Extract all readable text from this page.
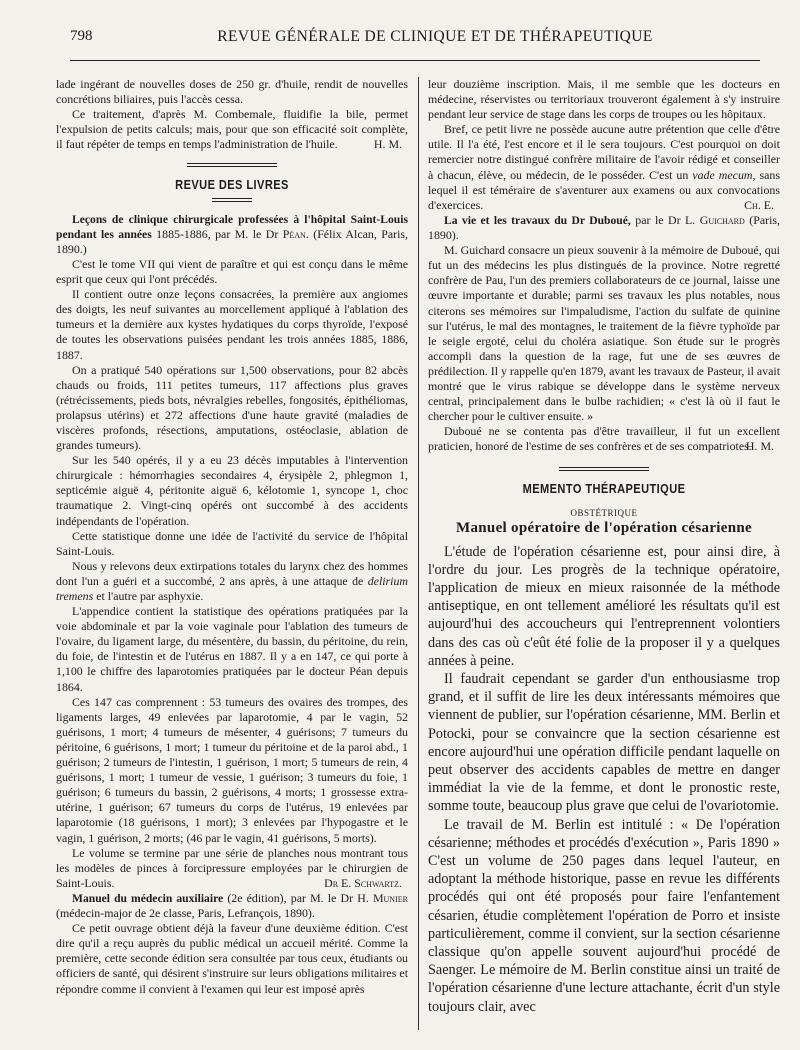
798	REVUE GÉNÉRALE DE CLINIQUE ET DE THÉRAPEUTIQUE

lade ingérant de nouvelles doses de 250 gr. d'huile, rendit de nouvelles concrétions biliaires, puis l'accès cessa.

Ce traitement, d'après M. Combemale, fluidifie la bile, permet l'expulsion de petits calculs; mais, pour que son efficacité soit complète, il faut répéter de temps en temps l'administration de l'huile.	H. M.

REVUE DES LIVRES

Leçons de clinique chirurgicale professées à l'hôpital Saint-Louis pendant les années 1885-1886, par M. le Dr Péan. (Félix Alcan, Paris, 1890.)

C'est le tome VII qui vient de paraître et qui est conçu dans le même esprit que ceux qui l'ont précédés.

Il contient outre onze leçons consacrées, la première aux angiomes des doigts, les neuf suivantes au morcellement appliqué à l'ablation des tumeurs et la dernière aux kystes hydatiques du corps thyroïde, l'exposé de toutes les observations puisées pendant les trois années 1885, 1886, 1887.

On a pratiqué 540 opérations sur 1,500 observations, pour 82 abcès chauds ou froids, 111 petites tumeurs, 117 affections plus graves (rétrécissements, pieds bots, névralgies rebelles, fongosités, épithéliomas, prolapsus utérins) et 272 affections d'une haute gravité (maladies de viscères profonds, résections, amputations, ostéoclasie, ablation de grandes tumeurs).

Sur les 540 opérés, il y a eu 23 décès imputables à l'intervention chirurgicale : hémorrhagies secondaires 4, érysipèle 2, phlegmon 1, septicémie aiguë 4, péritonite aiguë 6, kélotomie 1, syncope 1, choc traumatique 2. Vingt-cinq opérés ont succombé à des accidents indépendants de l'opération.

Cette statistique donne une idée de l'activité du service de l'hôpital Saint-Louis.

Nous y relevons deux extirpations totales du larynx chez des hommes dont l'un a guéri et a succombé, 2 ans après, à une attaque de delirium tremens et l'autre par asphyxie.

L'appendice contient la statistique des opérations pratiquées par la voie abdominale et par la voie vaginale pour l'ablation des tumeurs de l'ovaire, du ligament large, du mésentère, du bassin, du péritoine, du rein, du foie, de l'intestin et de l'utérus en 1887. Il y a en 147, ce qui porte à 1,100 le chiffre des laparotomies pratiquées par le docteur Péan depuis 1864.

Ces 147 cas comprennent : 53 tumeurs des ovaires des trompes, des ligaments larges, 49 enlevées par laparotomie, 4 par le vagin, 52 guérisons, 1 mort; 4 tumeurs de mésenter, 4 guérisons; 7 tumeurs du péritoine, 6 guérisons, 1 mort; 1 tumeur du péritoine et de la paroi abd., 1 guérison; 2 tumeurs de l'intestin, 1 guérison, 1 mort; 5 tumeurs de rein, 4 guérisons, 1 mort; 1 tumeur de vessie, 1 guérison; 3 tumeurs du foie, 1 guérison; 6 tumeurs du bassin, 2 guérisons, 4 morts; 1 grossesse extra-utérine, 1 guérison; 67 tumeurs du corps de l'utérus, 19 enlevées par laparotomie (18 guérisons, 1 mort); 3 enlevées par l'hypogastre et le vagin, 1 guérison, 2 morts; (46 par le vagin, 41 guérisons, 5 morts).

Le volume se termine par une série de planches nous montrant tous les modèles de pinces à forcipressure employées par le chirurgien de Saint-Louis.	Dr E. Schwartz.

Manuel du médecin auxiliaire (2e édition), par M. le Dr H. Munier (médecin-major de 2e classe, Paris, Lefrançois, 1890).

Ce petit ouvrage obtient déjà la faveur d'une deuxième édition. C'est dire qu'il a reçu auprès du public médical un accueil mérité. Comme la première, cette seconde édition sera consultée par tous ceux, étudiants ou officiers de santé, qui désirent s'instruire sur leurs obligations militaires et répondre comme il convient à l'examen qui leur est imposé après

leur douzième inscription. Mais, il me semble que les docteurs en médecine, réservistes ou territoriaux trouveront également à s'y instruire pendant leur service de stage dans les corps de troupes ou les hôpitaux.

Bref, ce petit livre ne possède aucune autre prétention que celle d'être utile. Il l'a été, l'est encore et il le sera toujours. C'est pourquoi on doit remercier notre distingué confrère militaire de l'avoir rédigé et conseiller à chacun, élève, ou médecin, de le posséder. C'est un vade mecum, sans lequel il est téméraire de s'aventurer aux examens ou aux convocations d'exercices.	Ch. E.

La vie et les travaux du Dr Duboué, par le Dr L. Guichard (Paris, 1890).

M. Guichard consacre un pieux souvenir à la mémoire de Duboué, qui fut un des médecins les plus distingués de la province. Notre regretté confrère de Pau, l'un des premiers collaborateurs de ce journal, laisse une œuvre importante et durable; parmi ses travaux les plus notables, nous citerons ses mémoires sur l'impaludisme, l'action du sulfate de quinine sur l'utérus, le mal des montagnes, le traitement de la fièvre typhoïde par le seigle ergoté, celui du choléra asiatique. Son étude sur le progrès accompli dans la question de la rage, fut une de ses œuvres de prédilection. Il y rappelle qu'en 1879, avant les travaux de Pasteur, il avait montré que le virus rabique se développe dans le système nerveux central, principalement dans le bulbe rachidien; « c'est là où il faut le chercher pour le cultiver ensuite. »

Duboué ne se contenta pas d'être travailleur, il fut un excellent praticien, honoré de l'estime de ses confrères et de ses compatriotes.

H. M.

MEMENTO THÉRAPEUTIQUE
OBSTÉTRIQUE
Manuel opératoire de l'opération césarienne

L'étude de l'opération césarienne est, pour ainsi dire, à l'ordre du jour. Les progrès de la technique opératoire, l'application de mieux en mieux raisonnée de la méthode antiseptique, en ont tellement amélioré les résultats qu'il est aujourd'hui des accoucheurs qui l'entreprennent volontiers dans des cas où c'eût été folie de la proposer il y a quelques années à peine.

Il faudrait cependant se garder d'un enthousiasme trop grand, et il suffit de lire les deux intéressants mémoires que viennent de publier, sur l'opération césarienne, MM. Berlin et Potocki, pour se convaincre que la section césarienne est encore aujourd'hui une opération difficile pendant laquelle on peut observer des accidents capables de mettre en danger immédiat la vie de la femme, et dont le pronostic reste, somme toute, beaucoup plus grave que celui de l'ovariotomie.

Le travail de M. Berlin est intitulé : « De l'opération césarienne; méthodes et procédés d'exécution », Paris 1890 » C'est un volume de 250 pages dans lequel l'auteur, en adoptant la méthode historique, passe en revue les différents procédés qui ont été proposés pour faire l'enfantement césarien, étudie complètement l'opération de Porro et insiste particulièrement, comme il convient, sur la section césarienne classique qu'on appelle souvent aujourd'hui procédé de Saenger. Le mémoire de M. Berlin constitue ainsi un traité de l'opération césarienne d'une lecture attachante, écrit d'un style toujours clair, avec
